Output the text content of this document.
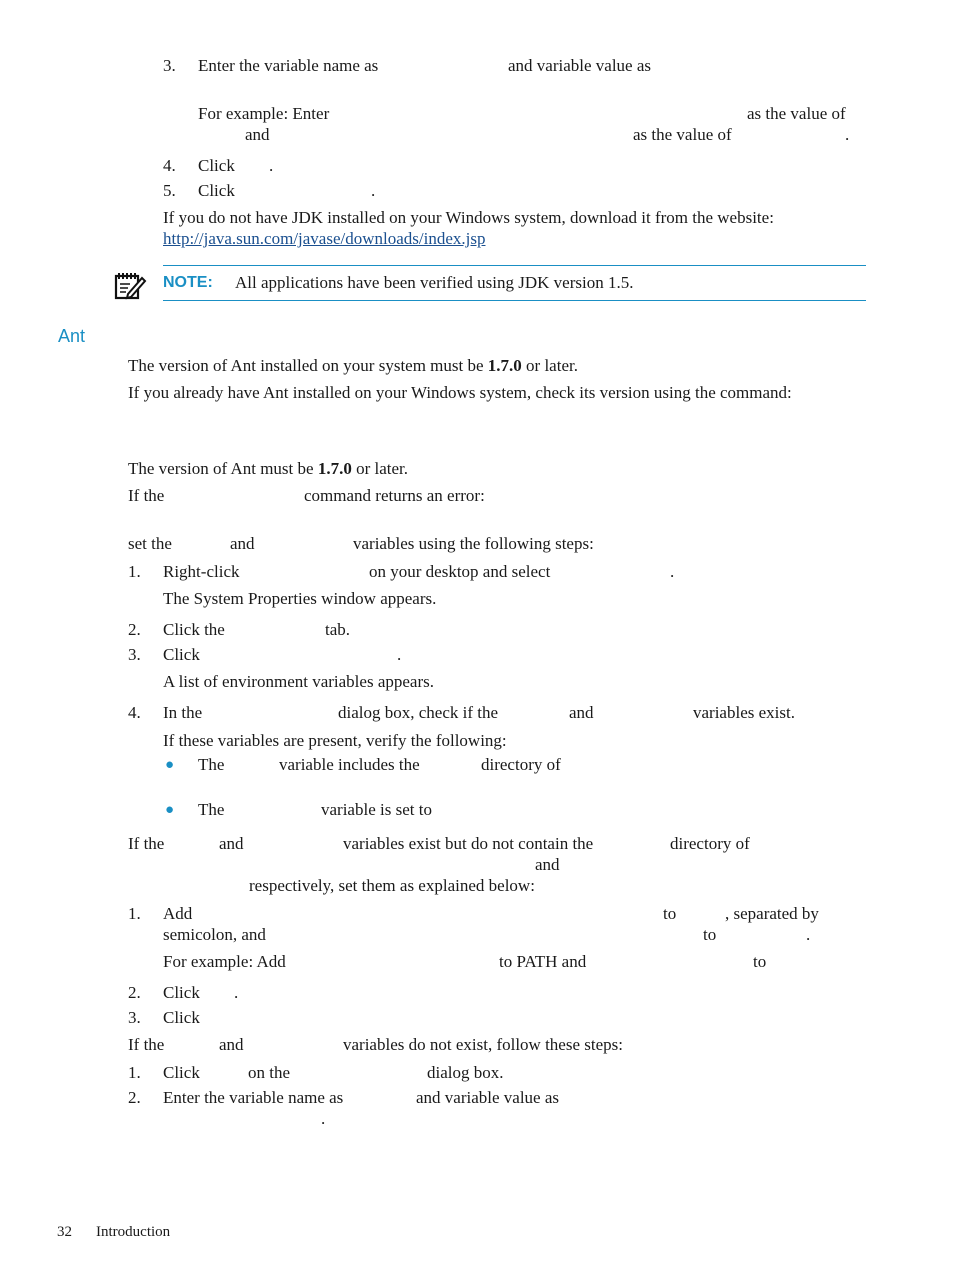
3. Enter the variable name as	and variable value as
For example: Enter	as the value of
and	as the value of	.
4. Click .
5. Click	.
If you do not have JDK installed on your Windows system, download it from the website:
http://java.sun.com/javase/downloads/index.jsp
NOTE: All applications have been verified using JDK version 1.5.
Ant
The version of Ant installed on your system must be 1.7.0 or later.
If you already have Ant installed on your Windows system, check its version using the command:
The version of Ant must be 1.7.0 or later.
If the	command returns an error:
set the	and	variables using the following steps:
1. Right-click	on your desktop and select	.
The System Properties window appears.
2. Click the	tab.
3. Click	.
A list of environment variables appears.
4. In the	dialog box, check if the	and	variables exist.
If these variables are present, verify the following:
● The	variable includes the	directory of
● The	variable is set to
If the	and	variables exist but do not contain the	directory of
and
respectively, set them as explained below:
1. Add	to	, separated by
semicolon, and	to	.
For example: Add	to PATH and	to
2. Click .
3. Click
If the	and	variables do not exist, follow these steps:
1. Click	on the	dialog box.
2. Enter the variable name as	and variable value as
.
32 Introduction
